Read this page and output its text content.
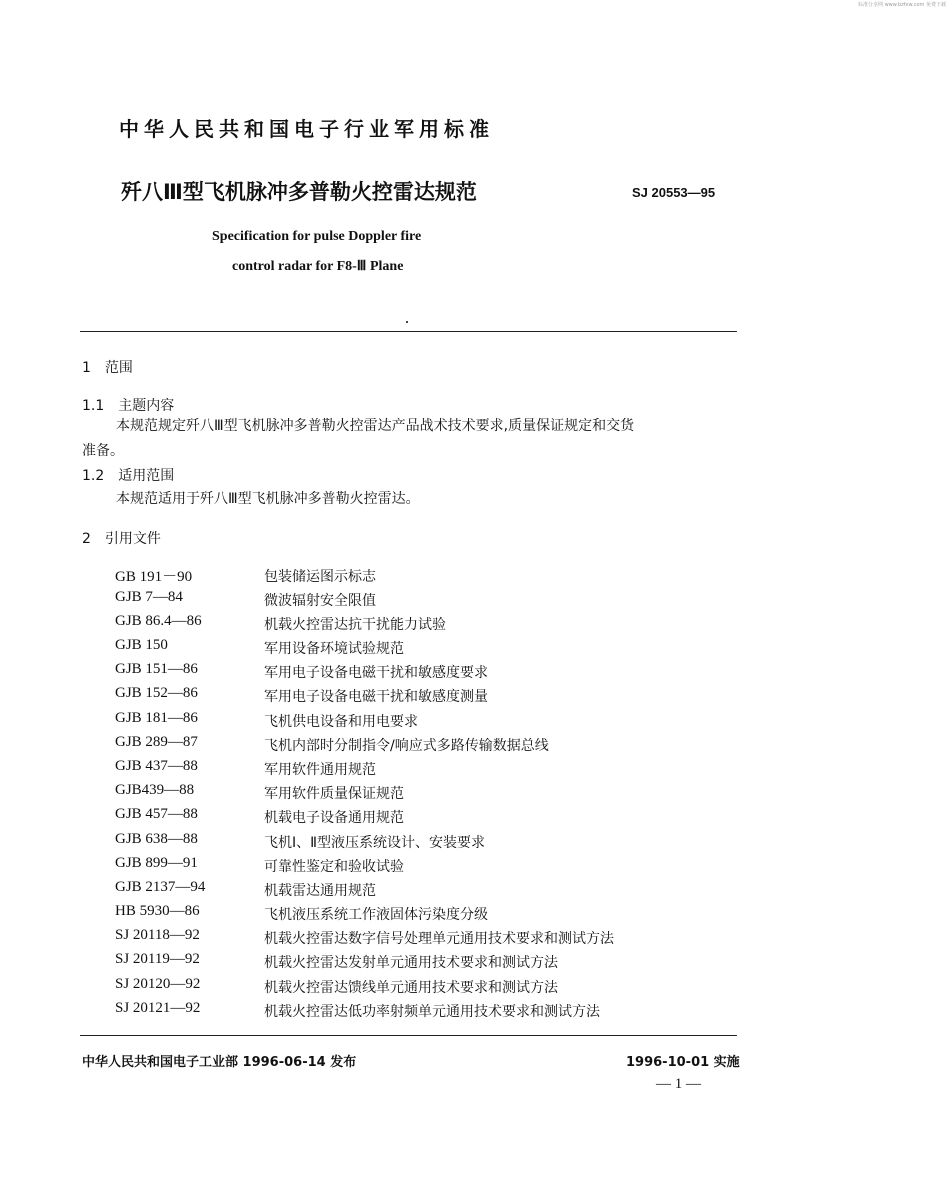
标准分享网 www.bzfxw.com 免费下载
中华人民共和国电子行业军用标准
歼八Ⅲ型飞机脉冲多普勒火控雷达规范	SJ 20553—95
Specification for pulse Doppler fire
control radar for F8-Ⅲ Plane
1　范围
1.1　主题内容
本规范规定歼八Ⅲ型飞机脉冲多普勒火控雷达产品战术技术要求,质量保证规定和交货
准备。
1.2　适用范围
本规范适用于歼八Ⅲ型飞机脉冲多普勒火控雷达。
2　引用文件
GB 191－90	包装储运图示标志
GJB 7—84	微波辐射安全限值
GJB 86.4—86	机载火控雷达抗干扰能力试验
GJB 150	军用设备环境试验规范
GJB 151—86	军用电子设备电磁干扰和敏感度要求
GJB 152—86	军用电子设备电磁干扰和敏感度测量
GJB 181—86	飞机供电设备和用电要求
GJB 289—87	飞机内部时分制指令/响应式多路传输数据总线
GJB 437—88	军用软件通用规范
GJB439—88	军用软件质量保证规范
GJB 457—88	机载电子设备通用规范
GJB 638—88	飞机Ⅰ、Ⅱ型液压系统设计、安装要求
GJB 899—91	可靠性鉴定和验收试验
GJB 2137—94	机载雷达通用规范
HB 5930—86	飞机液压系统工作液固体污染度分级
SJ 20118—92	机载火控雷达数字信号处理单元通用技术要求和测试方法
SJ 20119—92	机载火控雷达发射单元通用技术要求和测试方法
SJ 20120—92	机载火控雷达馈线单元通用技术要求和测试方法
SJ 20121—92	机载火控雷达低功率射频单元通用技术要求和测试方法
中华人民共和国电子工业部 1996-06-14 发布	1996-10-01 实施
— 1 —
